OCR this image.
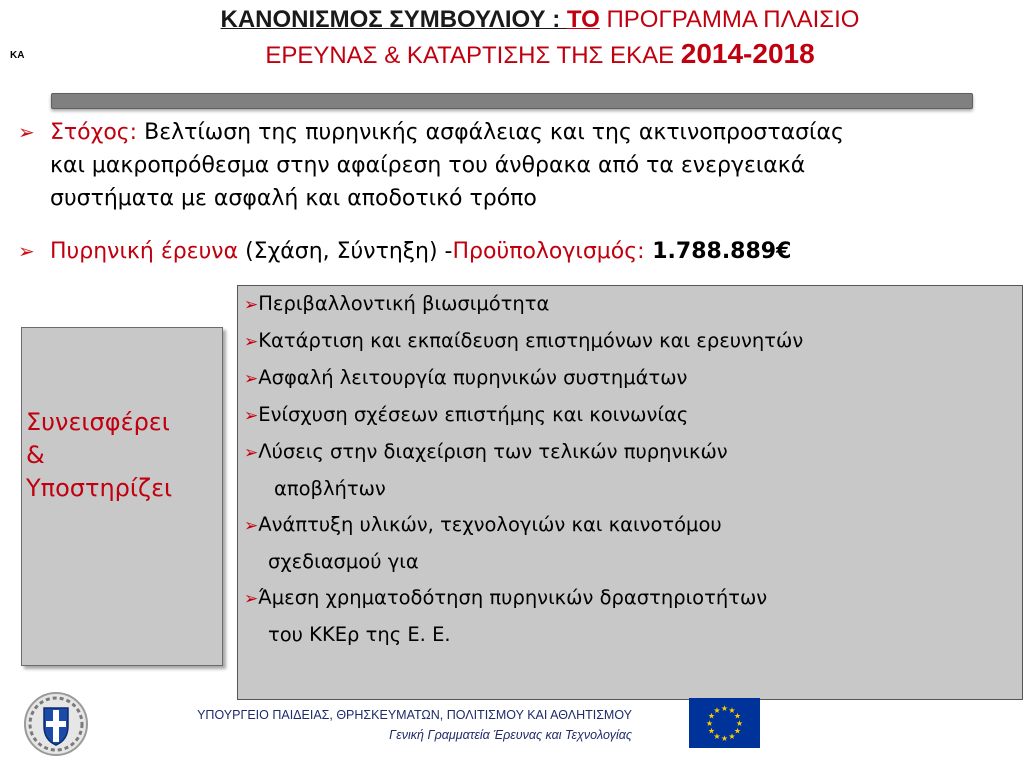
ΚΑ
ΚΑΝΟΝΙΣΜΟΣ ΣΥΜΒΟΥΛΙΟΥ : ΤΟ ΠΡΟΓΡΑΜΜΑ ΠΛΑΙΣΙΟ
ΕΡΕΥΝΑΣ & ΚΑΤΑΡΤΙΣΗΣ ΤΗΣ ΕΚΑΕ 2014-2018
➢ Στόχος: Βελτίωση της πυρηνικής ασφάλειας και της ακτινοπροστασίας
και μακροπρόθεσμα στην αφαίρεση του άνθρακα από τα ενεργειακά
συστήματα με ασφαλή και αποδοτικό τρόπο
➢ Πυρηνική έρευνα (Σχάση, Σύντηξη) -Προϋπολογισμός: 1.788.889€
Συνεισφέρει
&
Υποστηρίζει
➢Περιβαλλοντική βιωσιμότητα
➢Κατάρτιση και εκπαίδευση επιστημόνων και ερευνητών
➢Ασφαλή λειτουργία πυρηνικών συστημάτων
➢Ενίσχυση σχέσεων επιστήμης και κοινωνίας
➢Λύσεις στην διαχείριση των τελικών πυρηνικών
αποβλήτων
➢Ανάπτυξη υλικών, τεχνολογιών και καινοτόμου
σχεδιασμού για
➢Άμεση χρηματοδότηση πυρηνικών δραστηριοτήτων
του ΚΚΕρ της Ε. Ε.
ΥΠΟΥΡΓΕΙΟ ΠΑΙΔΕΙΑΣ, ΘΡΗΣΚΕΥΜΑΤΩΝ, ΠΟΛΙΤΙΣΜΟΥ ΚΑΙ ΑΘΛΗΤΙΣΜΟΥ
Γενική Γραμματεία Έρευνας και Τεχνολογίας
★ ★
★
★
★
★
★
★
★
★
★
★
